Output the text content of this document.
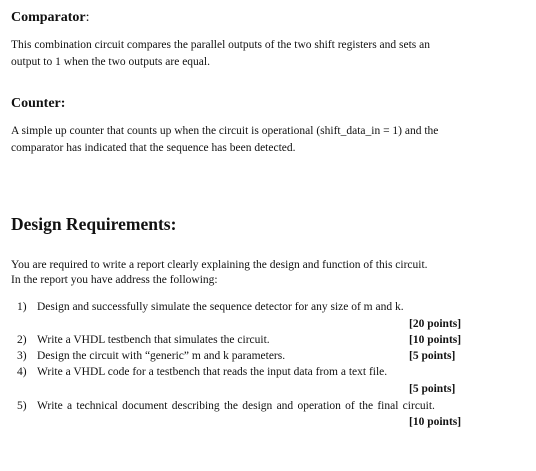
Comparator:
This combination circuit compares the parallel outputs of the two shift registers and sets an
output to 1 when the two outputs are equal.
Counter:
A simple up counter that counts up when the circuit is operational (shift_data_in = 1) and the
comparator has indicated that the sequence has been detected.
Design Requirements:
You are required to write a report clearly explaining the design and function of this circuit.
In the report you have address the following:
1) Design and successfully simulate the sequence detector for any size of m and k.
[20 points]
2) Write a VHDL testbench that simulates the circuit.	[10 points]
3) Design the circuit with “generic” m and k parameters.	[5 points]
4) Write a VHDL code for a testbench that reads the input data from a text file.
[5 points]
5) Write a technical document describing the design and operation of the final circuit.
[10 points]
